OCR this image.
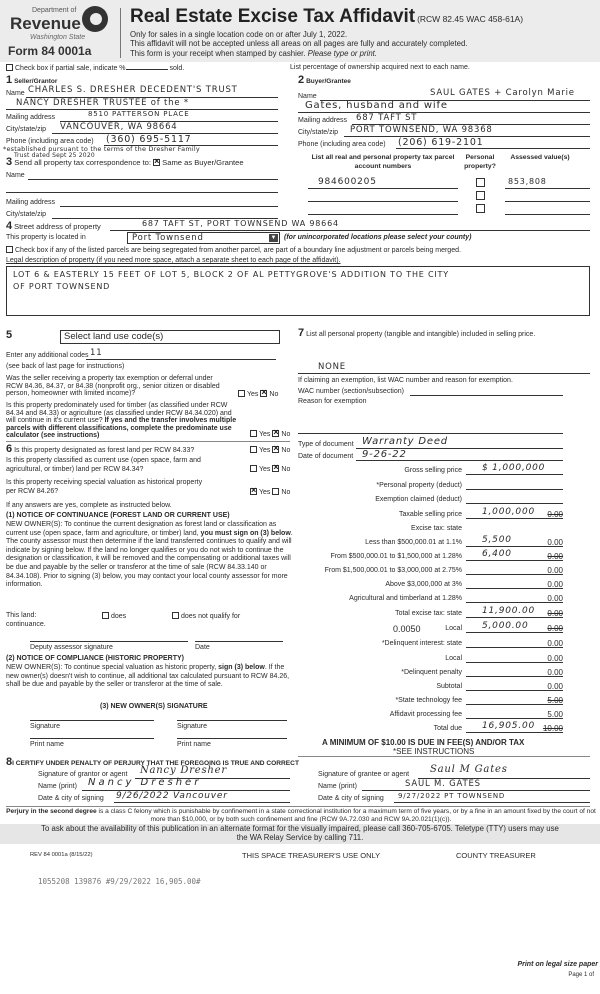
Department of
Revenue
Washington State
Form 84 0001a
Real Estate Excise Tax Affidavit (RCW 82.45 WAC 458-61A)
Only for sales in a single location code on or after July 1, 2022.
This affidavit will not be accepted unless all areas on all pages are fully and accurately completed.
This form is your receipt when stamped by cashier. Please type or print.
Check box if partial sale, indicate %	sold.	List percentage of ownership acquired next to each name.
1 Seller/Grantor
Name CHARLES S. DRESHER DECEDENT'S TRUST
NANCY DRESHER TRUSTEE of the *
Mailing address	8510 PATTERSON PLACE
City/state/zip VANCOUVER, WA 98664
Phone (including area code) (360) 695-5117
*established pursuant to the terms of the Dresher Family
Trust dated Sept 25 2020
3 Send all property tax correspondence to: × Same as Buyer/Grantee
Name
Mailing address
City/state/zip
2 Buyer/Grantee
Name	SAUL GATES + Carolyn Marie
Gates, husband and wife
Mailing address 687 TAFT ST
City/state/zip PORT TOWNSEND, WA 98368
Phone (including area code) (206) 619-2101
List all real and personal property tax parcel account numbers
Personal property?
Assessed value(s)
984600205	853,808
4 Street address of property	687 TAFT ST, PORT TOWNSEND WA 98664
This property is located in	Port Townsend	▼ (for unincorporated locations please select your county)
Check box if any of the listed parcels are being segregated from another parcel, are part of a boundary line adjustment or parcels being merged.
Legal description of property (if you need more space, attach a separate sheet to each page of the affidavit).
LOT 6 & EASTERLY 15 FEET OF LOT 5, BLOCK 2 OF AL PETTYGROVE'S ADDITION TO THE CITY
OF PORT TOWNSEND
5	Select land use code(s)
Enter any additional codes 11
(see back of last page for instructions)
Was the seller receiving a property tax exemption or deferral under RCW 84.36, 84.37, or 84.38 (nonprofit org., senior citizen or disabled person, homeowner with limited income)?	Yes × No
Is this property predominately used for timber (as classified under RCW 84.34 and 84.33) or agriculture (as classified under RCW 84.34.020) and will continue in it's current use? If yes and the transfer involves multiple parcels with different classifications, complete the predominate use calculator (see instructions)	Yes × No
6 Is this property designated as forest land per RCW 84.33?	Yes × No
Is this property classified as current use (open space, farm and agricultural, or timber) land per RCW 84.34?	Yes × No
Is this property receiving special valuation as historical property per RCW 84.26? ×	Yes No
If any answers are yes, complete as instructed below.
(1) NOTICE OF CONTINUANCE (FOREST LAND OR CURRENT USE)
NEW OWNER(S): To continue the current designation as forest land or classification as current use (open space, farm and agriculture, or timber) land, you must sign on (3) below. The county assessor must then determine if the land transferred continues to qualify and will indicate by signing below. If the land no longer qualifies or you do not wish to continue the designation or classification, it will be removed and the compensating or additional taxes will be due and payable by the seller or transferor at the time of sale (RCW 84.33.140 or 84.34.108). Prior to signing (3) below, you may contact your local county assessor for more information.
This land:	does	does not qualify for
continuance.
Deputy assessor signature	Date
(2) NOTICE OF COMPLIANCE (HISTORIC PROPERTY)
NEW OWNER(S): To continue special valuation as historic property, sign (3) below. If the new owner(s) doesn't wish to continue, all additional tax calculated pursuant to RCW 84.26, shall be due and payable by the seller or transferor at the time of sale.
(3) NEW OWNER(S) SIGNATURE
Signature	Signature
Print name	Print name
7 List all personal property (tangible and intangible) included in selling price.
NONE
If claiming an exemption, list WAC number and reason for exemption.
WAC number (section/subsection)
Reason for exemption
Type of document Warranty Deed
Date of document 9-26-22
Gross selling price $ 1,000,000
*Personal property (deduct)
Exemption claimed (deduct)
Taxable selling price 1,000,000	0.00
Excise tax: state
Less than $500,000.01 at 1.1% 5,500	0.00
From $500,000.01 to $1,500,000 at 1.28% 6,400	0.00
From $1,500,000.01 to $3,000,000 at 2.75%	0.00
Above $3,000,000 at 3%	0.00
Agricultural and timberland at 1.28%	0.00
Total excise tax: state 11,900.00	0.00
Local 5,000.00	0.00
0.0050
*Delinquent interest: state	0.00
Local	0.00
*Delinquent penalty	0.00
Subtotal	0.00
*State technology fee	5.00
Affidavit processing fee	5.00
Total due 16,905.00 10.00
A MINIMUM OF $10.00 IS DUE IN FEE(S) AND/OR TAX
*SEE INSTRUCTIONS
8I CERTIFY UNDER PENALTY OF PERJURY THAT THE FOREGOING IS TRUE AND CORRECT
Signature of grantor or agent Nancy Dresher
Name (print) Nancy Dresher
Date & city of signing 9/26/2022 Vancouver
Signature of grantee or agent Saul M Gates
Name (print)	SAUL M. GATES
Date & city of signing 9/27/2022 PT TOWNSEND
Perjury in the second degree is a class C felony which is punishable by confinement in a state correctional institution for a maximum term of five years, or by a fine in an amount fixed by the court of not more than $10,000, or by both such confinement and fine (RCW 9A.72.030 and RCW 9A.20.021(1)(c)).
To ask about the availability of this publication in an alternate format for the visually impaired, please call 360-705-6705. Teletype (TTY) users may use the WA Relay Service by calling 711.
REV 84 0001a (8/15/22)	THIS SPACE TREASURER'S USE ONLY	COUNTY TREASURER
1055208 139876 #9/29/2022 16,905.00#
Print on legal size paper
Page 1 of
